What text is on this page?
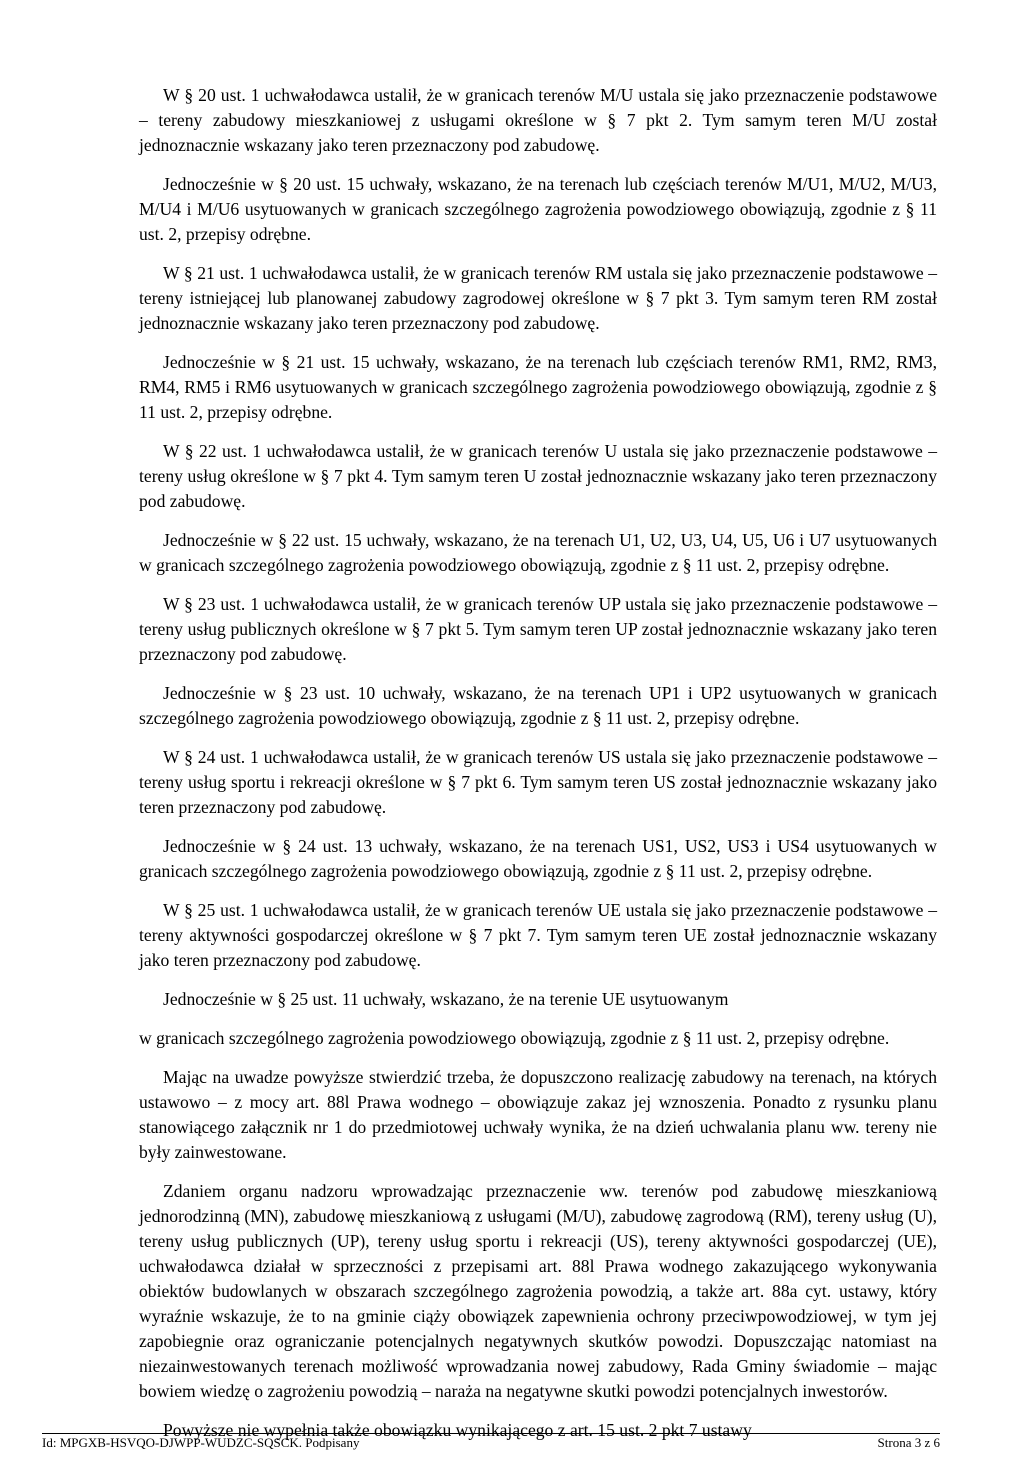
W § 20 ust. 1 uchwałodawca ustalił, że w granicach terenów M/U ustala się jako przeznaczenie podstawowe – tereny zabudowy mieszkaniowej z usługami określone w § 7 pkt 2. Tym samym teren M/U został jednoznacznie wskazany jako teren przeznaczony pod zabudowę.

Jednocześnie w § 20 ust. 15 uchwały, wskazano, że na terenach lub częściach terenów M/U1, M/U2, M/U3, M/U4 i M/U6 usytuowanych w granicach szczególnego zagrożenia powodziowego obowiązują, zgodnie z § 11 ust. 2, przepisy odrębne.

W § 21 ust. 1 uchwałodawca ustalił, że w granicach terenów RM ustala się jako przeznaczenie podstawowe – tereny istniejącej lub planowanej zabudowy zagrodowej określone w § 7 pkt 3. Tym samym teren RM został jednoznacznie wskazany jako teren przeznaczony pod zabudowę.

Jednocześnie w § 21 ust. 15 uchwały, wskazano, że na terenach lub częściach terenów RM1, RM2, RM3, RM4, RM5 i RM6 usytuowanych w granicach szczególnego zagrożenia powodziowego obowiązują, zgodnie z § 11 ust. 2, przepisy odrębne.

W § 22 ust. 1 uchwałodawca ustalił, że w granicach terenów U ustala się jako przeznaczenie podstawowe – tereny usług określone w § 7 pkt 4. Tym samym teren U został jednoznacznie wskazany jako teren przeznaczony pod zabudowę.

Jednocześnie w § 22 ust. 15 uchwały, wskazano, że na terenach U1, U2, U3, U4, U5, U6 i U7 usytuowanych w granicach szczególnego zagrożenia powodziowego obowiązują, zgodnie z § 11 ust. 2, przepisy odrębne.

W § 23 ust. 1 uchwałodawca ustalił, że w granicach terenów UP ustala się jako przeznaczenie podstawowe – tereny usług publicznych określone w § 7 pkt 5. Tym samym teren UP został jednoznacznie wskazany jako teren przeznaczony pod zabudowę.

Jednocześnie w § 23 ust. 10 uchwały, wskazano, że na terenach UP1 i UP2 usytuowanych w granicach szczególnego zagrożenia powodziowego obowiązują, zgodnie z § 11 ust. 2, przepisy odrębne.

W § 24 ust. 1 uchwałodawca ustalił, że w granicach terenów US ustala się jako przeznaczenie podstawowe – tereny usług sportu i rekreacji określone w § 7 pkt 6. Tym samym teren US został jednoznacznie wskazany jako teren przeznaczony pod zabudowę.

Jednocześnie w § 24 ust. 13 uchwały, wskazano, że na terenach US1, US2, US3 i US4 usytuowanych w granicach szczególnego zagrożenia powodziowego obowiązują, zgodnie z § 11 ust. 2, przepisy odrębne.

W § 25 ust. 1 uchwałodawca ustalił, że w granicach terenów UE ustala się jako przeznaczenie podstawowe – tereny aktywności gospodarczej określone w § 7 pkt 7. Tym samym teren UE został jednoznacznie wskazany jako teren przeznaczony pod zabudowę.

Jednocześnie w § 25 ust. 11 uchwały, wskazano, że na terenie UE usytuowanym

w granicach szczególnego zagrożenia powodziowego obowiązują, zgodnie z § 11 ust. 2, przepisy odrębne.

Mając na uwadze powyższe stwierdzić trzeba, że dopuszczono realizację zabudowy na terenach, na których ustawowo – z mocy art. 88l Prawa wodnego – obowiązuje zakaz jej wznoszenia. Ponadto z rysunku planu stanowiącego załącznik nr 1 do przedmiotowej uchwały wynika, że na dzień uchwalania planu ww. tereny nie były zainwestowane.

Zdaniem organu nadzoru wprowadzając przeznaczenie ww. terenów pod zabudowę mieszkaniową jednorodzinną (MN), zabudowę mieszkaniową z usługami (M/U), zabudowę zagrodową (RM), tereny usług (U), tereny usług publicznych (UP), tereny usług sportu i rekreacji (US), tereny aktywności gospodarczej (UE), uchwałodawca działał w sprzeczności z przepisami art. 88l Prawa wodnego zakazującego wykonywania obiektów budowlanych w obszarach szczególnego zagrożenia powodzią, a także art. 88a cyt. ustawy, który wyraźnie wskazuje, że to na gminie ciąży obowiązek zapewnienia ochrony przeciwpowodziowej, w tym jej zapobiegnie oraz ograniczanie potencjalnych negatywnych skutków powodzi. Dopuszczając natomiast na niezainwestowanych terenach możliwość wprowadzania nowej zabudowy, Rada Gminy świadomie – mając bowiem wiedzę o zagrożeniu powodzią – naraża na negatywne skutki powodzi potencjalnych inwestorów.

Powyższe nie wypełnia także obowiązku wynikającego z art. 15 ust. 2 pkt 7 ustawy

Id: MPGXB-HSVQO-DJWPP-WUDZC-SQSCK. Podpisany	Strona 3 z 6
